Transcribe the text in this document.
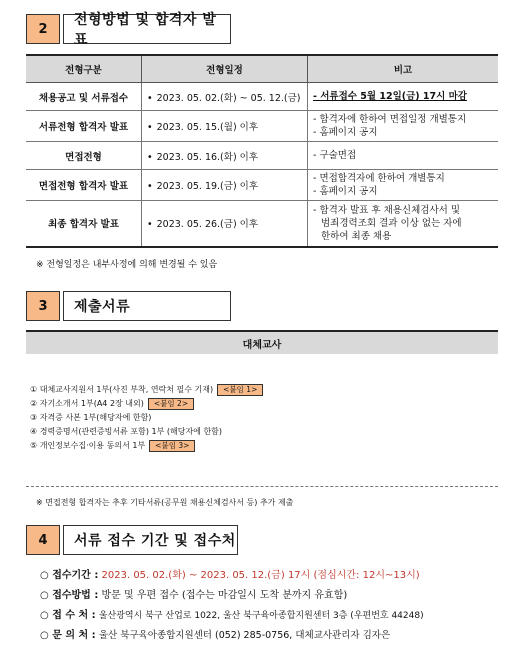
2
전형방법 및 합격자 발표
전형구분	전형일정	비고
채용공고 및 서류접수	• 2023. 05. 02.(화) ~ 05. 12.(금)	- 서류접수 5월 12일(금) 17시 마감
서류전형 합격자 발표	• 2023. 05. 15.(월) 이후	- 합격자에 한하여 면접일정 개별통지
- 홈페이지 공지

면접전형	• 2023. 05. 16.(화) 이후	- 구술면접

면접전형 합격자 발표	• 2023. 05. 19.(금) 이후	- 면접합격자에 한하여 개별통지
- 홈페이지 공지

최종 합격자 발표	• 2023. 05. 26.(금) 이후	- 합격자 발표 후 채용신체검사서 및
범죄경력조회 결과 이상 없는 자에
한하여 최종 채용
※ 전형일정은 내부사정에 의해 변경될 수 있음
3	제출서류
대체교사
① 대체교사지원서 1부(사진 부착, 연락처 필수 기재)	<붙임 1>
② 자기소개서 1부(A4 2장 내외)	<붙임 2>
③ 자격증 사본 1부(해당자에 한함)
④ 경력증명서(관련증빙서류 포함) 1부 (해당자에 한함)
⑤ 개인정보수집·이용 동의서 1부	<붙임 3>
※ 면접전형 합격자는 추후 기타서류(공무원 채용신체검사서 등) 추가 제출
4	서류 접수 기간 및 접수처
○ 접수기간 :
2023. 05. 02.(화) ~ 2023. 05. 12.(금) 17시 (점심시간: 12시~13시)
○ 접수방법 :
방문 및 우편 접수 (접수는 마감일시 도착 분까지 유효함)
○ 접 수 처 :
울산광역시 북구 산업로 1022, 울산 북구육아종합지원센터 3층 (우편번호 44248)
○ 문 의 처 :
울산 북구육아종합지원센터 (052) 285-0756, 대체교사관리자 김자은
